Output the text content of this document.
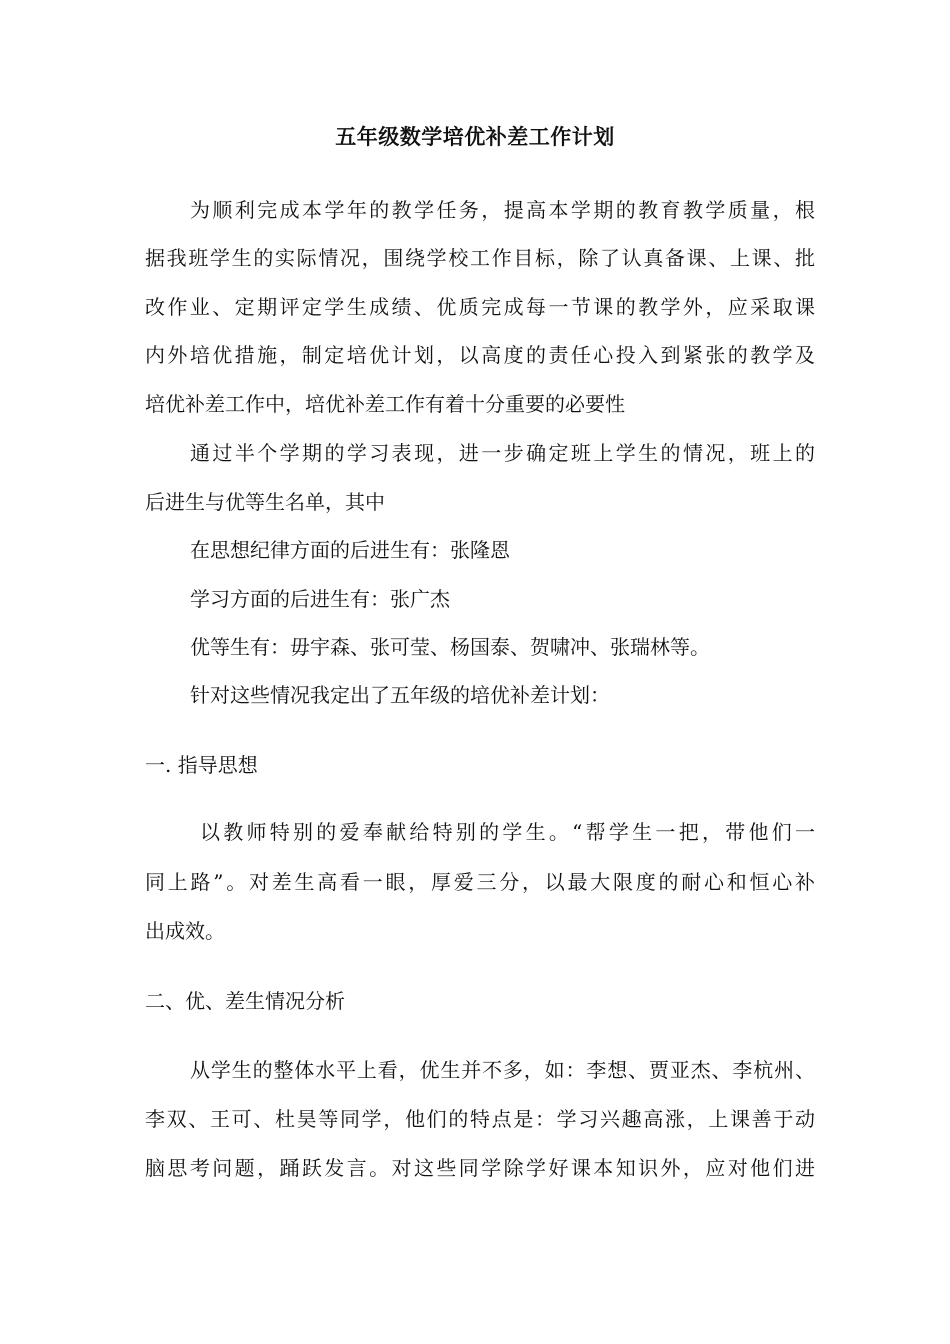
五年级数学培优补差工作计划

为顺利完成本学年的教学任务，提高本学期的教育教学质量，根

据我班学生的实际情况，围绕学校工作目标，除了认真备课、上课、批

改作业、定期评定学生成绩、优质完成每一节课的教学外，应采取课

内外培优措施，制定培优计划，以高度的责任心投入到紧张的教学及

培优补差工作中，培优补差工作有着十分重要的必要性

通过半个学期的学习表现，进一步确定班上学生的情况，班上的

后进生与优等生名单，其中

在思想纪律方面的后进生有：张隆恩

学习方面的后进生有：张广杰

优等生有：毋宇森、张可莹、杨国泰、贺啸冲、张瑞林等。

针对这些情况我定出了五年级的培优补差计划：

一. 指导思想

以教师特别的爱奉献给特别的学生。“帮学生一把，带他们一

同上路”。对差生高看一眼，厚爱三分，以最大限度的耐心和恒心补

出成效。

二、优、差生情况分析

从学生的整体水平上看，优生并不多，如：李想、贾亚杰、李杭州、

李双、王可、杜昊等同学，他们的特点是：学习兴趣高涨，上课善于动

脑思考问题，踊跃发言。对这些同学除学好课本知识外，应对他们进
